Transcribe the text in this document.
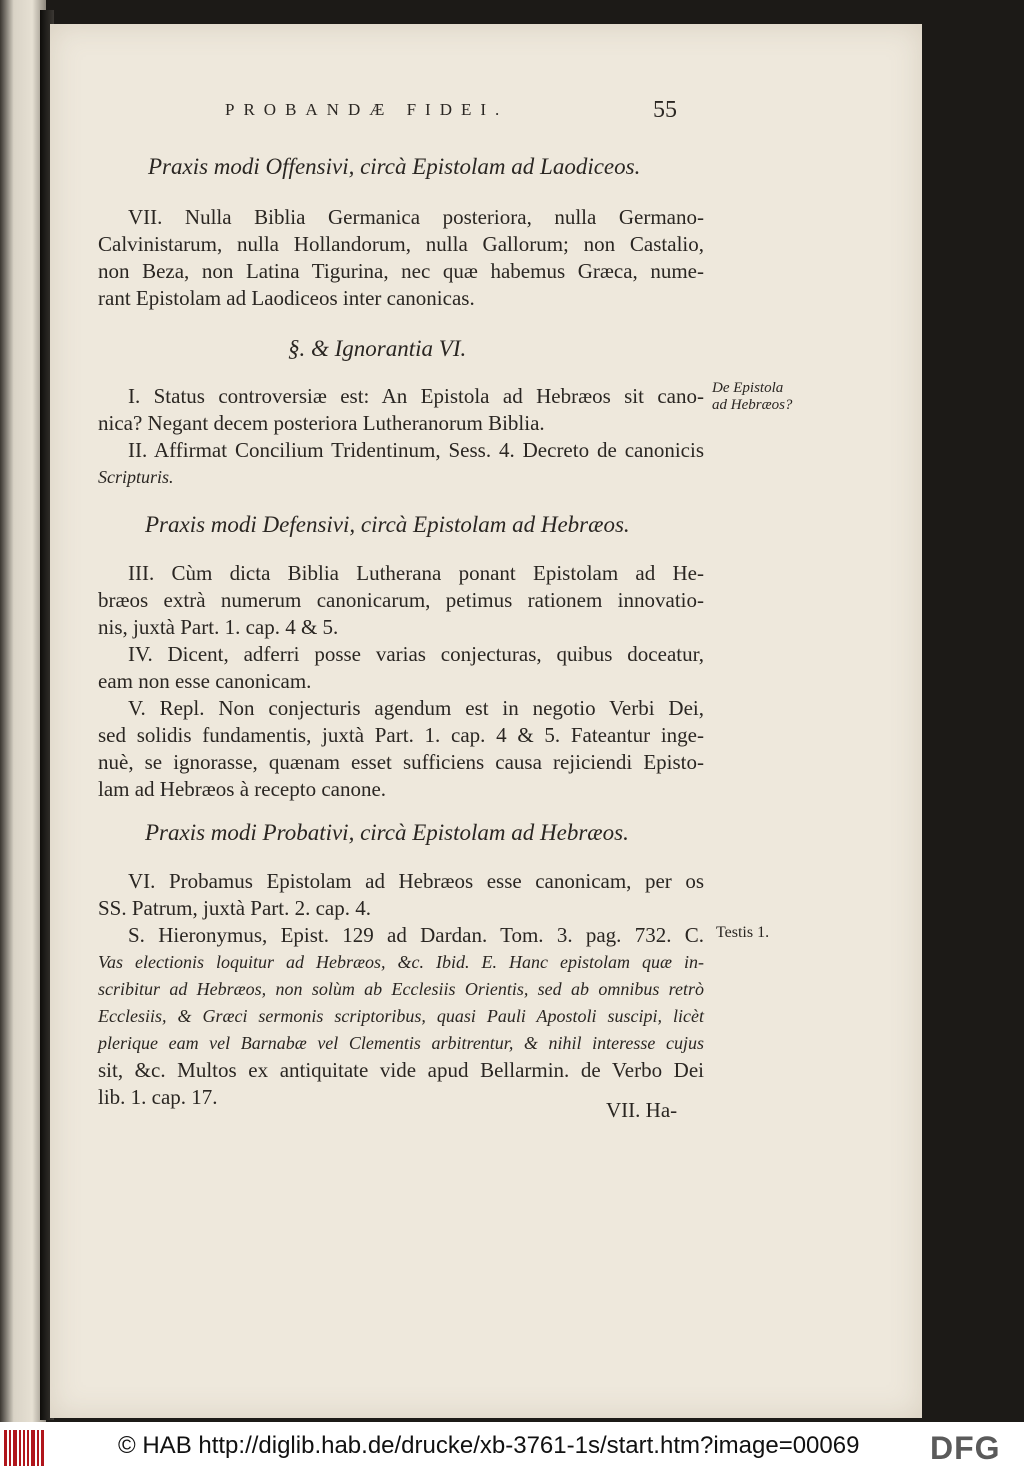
PROBANDÆ FIDEI.	55
Praxis modi Offensivi, circà Epistolam ad Laodiceos.
VII. Nulla Biblia Germanica posteriora, nulla Germano-
Calvinistarum, nulla Hollandorum, nulla Gallorum; non Castalio,
non Beza, non Latina Tigurina, nec quæ habemus Græca, nume-
rant Epistolam ad Laodiceos inter canonicas.
§. & Ignorantia VI.
I. Status controversiæ est: An Epistola ad Hebræos sit cano-
nica? Negant decem posteriora Lutheranorum Biblia.
II. Affirmat Concilium Tridentinum, Sess. 4. Decreto de canonicis
Scripturis.
Praxis modi Defensivi, circà Epistolam ad Hebræos.
III. Cùm dicta Biblia Lutherana ponant Epistolam ad He-
bræos extrà numerum canonicarum, petimus rationem innovatio-
nis, juxtà Part. 1. cap. 4 & 5.
IV. Dicent, adferri posse varias conjecturas, quibus doceatur,
eam non esse canonicam.
V. Repl. Non conjecturis agendum est in negotio Verbi Dei,
sed solidis fundamentis, juxtà Part. 1. cap. 4 & 5. Fateantur inge-
nuè, se ignorasse, quænam esset sufficiens causa rejiciendi Episto-
lam ad Hebræos à recepto canone.
Praxis modi Probativi, circà Epistolam ad Hebræos.
VI. Probamus Epistolam ad Hebræos esse canonicam, per os
SS. Patrum, juxtà Part. 2. cap. 4.
S. Hieronymus, Epist. 129 ad Dardan. Tom. 3. pag. 732. C.
Vas electionis loquitur ad Hebræos, &c. Ibid. E. Hanc epistolam quæ in-
scribitur ad Hebræos, non solùm ab Ecclesiis Orientis, sed ab omnibus retrò
Ecclesiis, & Græci sermonis scriptoribus, quasi Pauli Apostoli suscipi, licèt
plerique eam vel Barnabæ vel Clementis arbitrentur, & nihil interesse cujus
sit, &c. Multos ex antiquitate vide apud Bellarmin. de Verbo Dei
lib. 1. cap. 17.
De Epistola
ad Hebræos?
Testis 1.
VII. Ha-
© HAB http://diglib.hab.de/drucke/xb-3761-1s/start.htm?image=00069 DFG
